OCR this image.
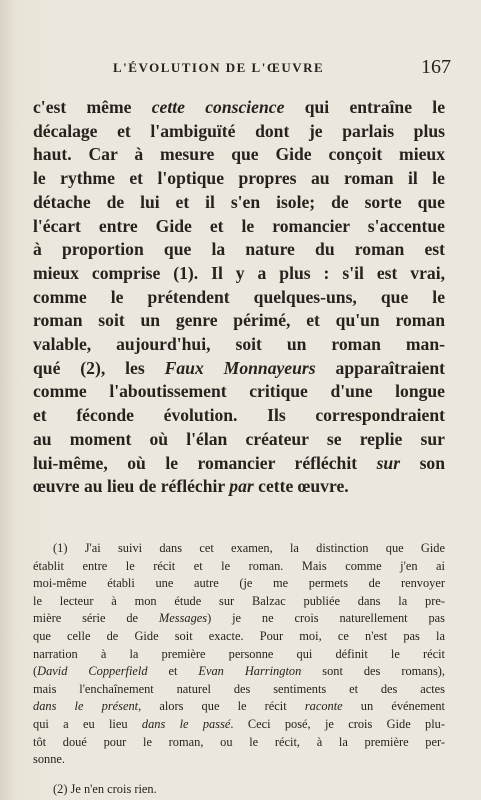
L'ÉVOLUTION DE L'ŒUVRE	167
c'est même cette conscience qui entraîne le
décalage et l'ambiguïté dont je parlais plus
haut. Car à mesure que Gide conçoit mieux
le rythme et l'optique propres au roman il le
détache de lui et il s'en isole; de sorte que
l'écart entre Gide et le romancier s'accentue
à proportion que la nature du roman est
mieux comprise (1). Il y a plus : s'il est vrai,
comme le prétendent quelques-uns, que le
roman soit un genre périmé, et qu'un roman
valable, aujourd'hui, soit un roman man-
qué (2), les Faux Monnayeurs apparaîtraient
comme l'aboutissement critique d'une longue
et féconde évolution. Ils correspondraient
au moment où l'élan créateur se replie sur
lui-même, où le romancier réfléchit sur son
œuvre au lieu de réfléchir par cette œuvre.
(1) J'ai suivi dans cet examen, la distinction que Gide
établit entre le récit et le roman. Mais comme j'en ai
moi-même établi une autre (je me permets de renvoyer
le lecteur à mon étude sur Balzac publiée dans la pre-
mière série de Messages) je ne crois naturellement pas
que celle de Gide soit exacte. Pour moi, ce n'est pas la
narration à la première personne qui définit le récit
(David Copperfield et Evan Harrington sont des romans),
mais l'enchaînement naturel des sentiments et des actes
dans le présent, alors que le récit raconte un événement
qui a eu lieu dans le passé. Ceci posé, je crois Gide plu-
tôt doué pour le roman, ou le récit, à la première per-
sonne.
(2) Je n'en crois rien.
